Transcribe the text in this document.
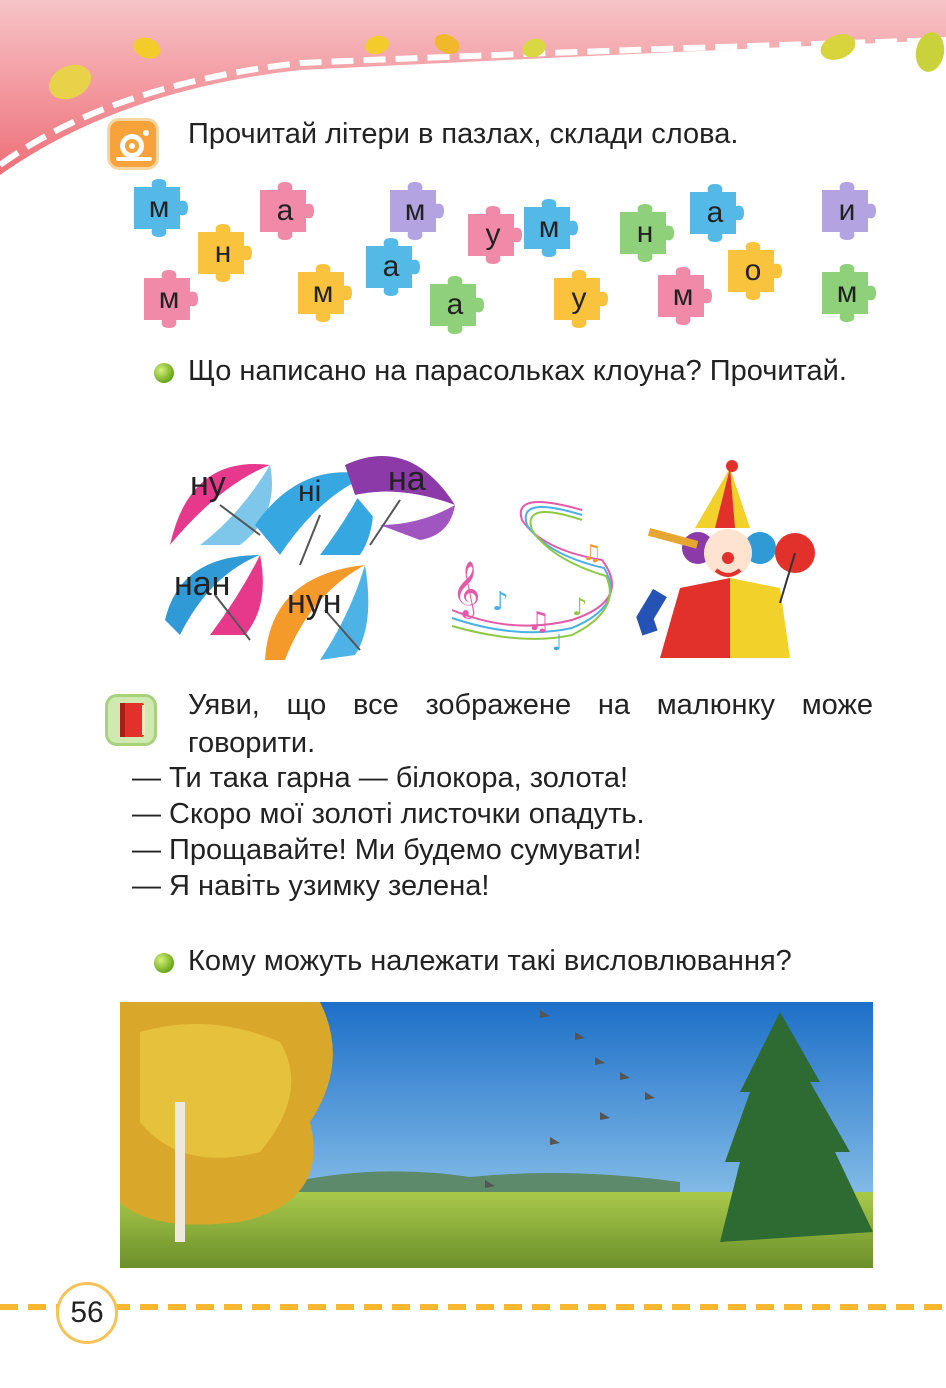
Прочитай літери в пазлах, склади слова.
м
н
а
м	м
м
а
у
а
м
у
н
а
м
о
и
м
Що написано на парасольках клоуна? Прочитай.
ну ні на
нан нун 𝄞 ♪
♫ ♪
♫
♩
Уяви, що все зображене на малюнку може говорити.
— Ти така гарна — білокора, золота!
— Скоро мої золоті листочки опадуть.
— Прощавайте! Ми будемо сумувати!
— Я навіть узимку зелена!
Кому можуть належати такі висловлювання?
56
